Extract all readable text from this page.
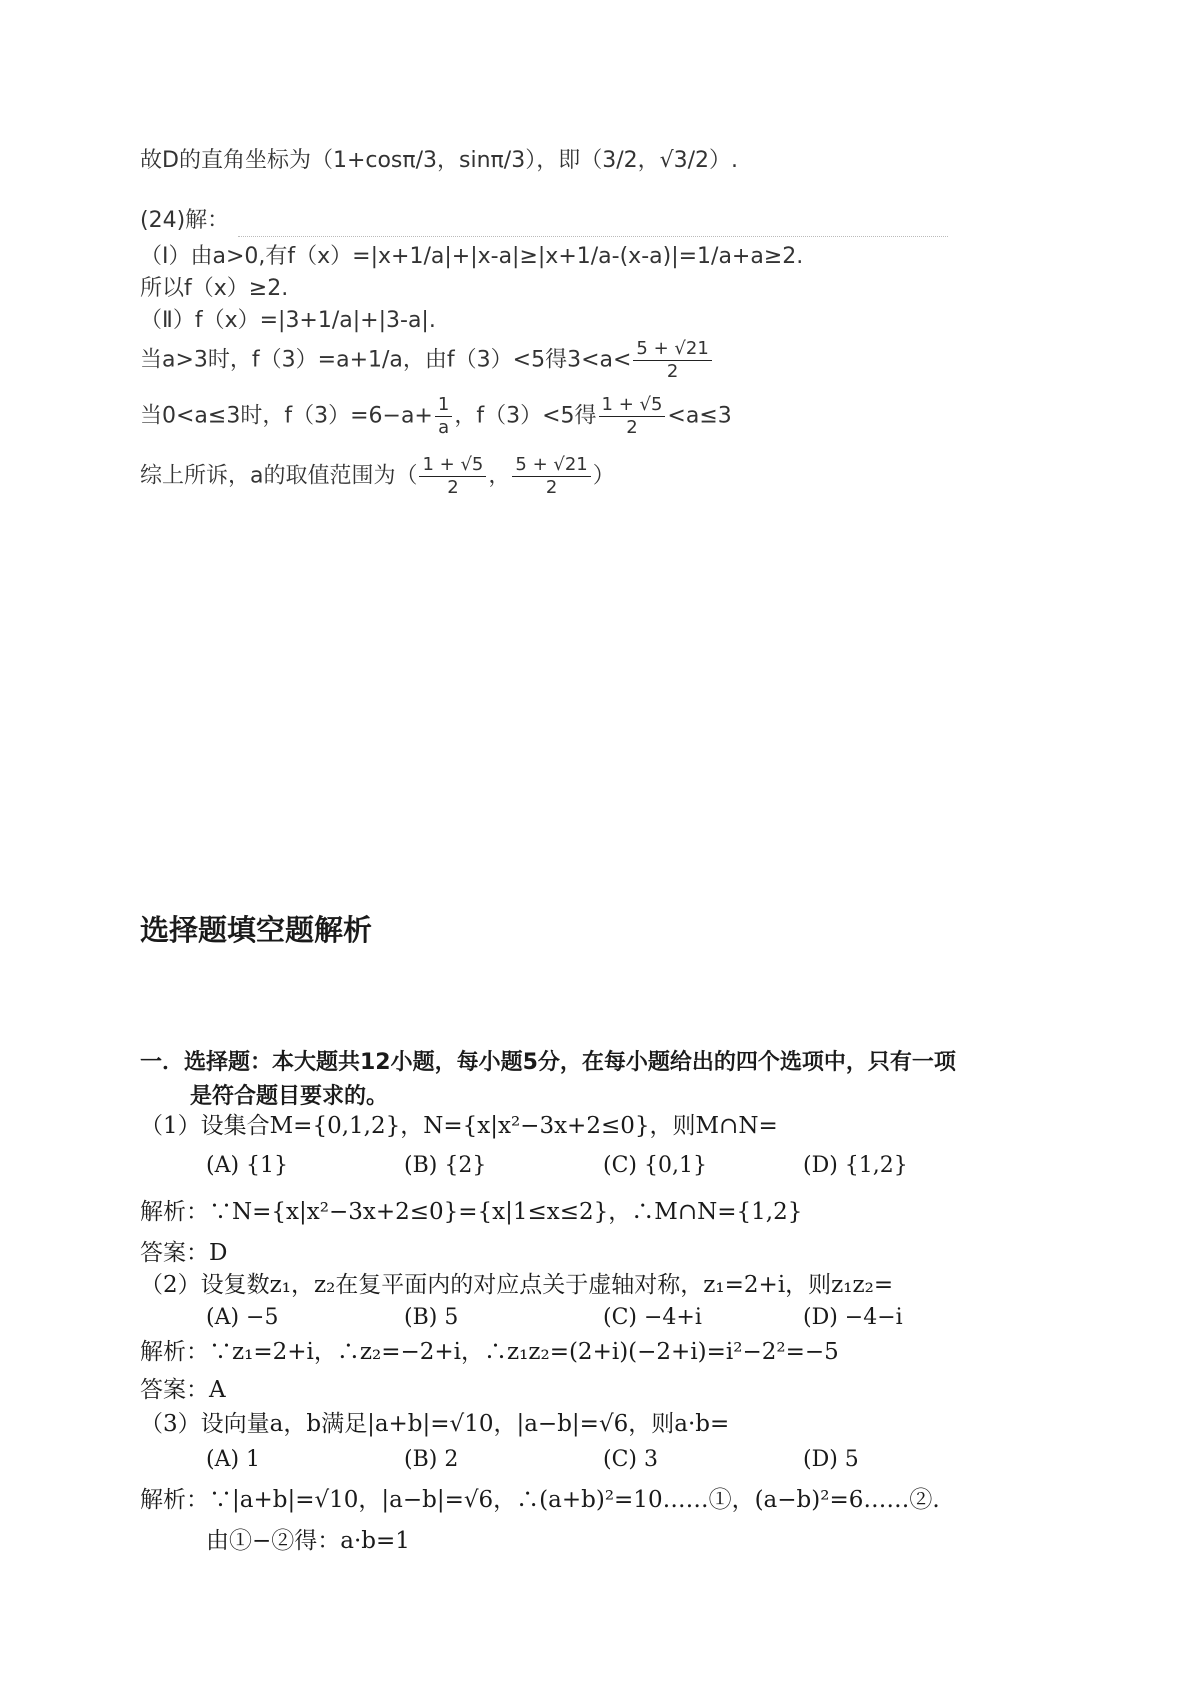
故D的直角坐标为（1+cosπ/3，sinπ/3），即（3/2，√3/2）.
(24)解：
（Ⅰ）由a>0,有f（x）=|x+1/a|+|x-a|≥|x+1/a-(x-a)|=1/a+a≥2.
所以f（x）≥2.
（Ⅱ）f（x）=|3+1/a|+|3-a|.
当a>3时，f（3）=a+1/a，由f（3）<5得$3<a< \frac{5 + √21}{2}$
当0<a≤3时，$f(3)=6-a+ \frac{1}{a}$ ，f（3）<5得 $\frac{1 + √5}{2} <a\le 3$
综上所诉，a的取值范围为（ $\frac{1 + √5}{2}$ ， $\frac{5 + √21}{2}$ ）
选择题填空题解析
一．选择题：本大题共12小题，每小题5分，在每小题给出的四个选项中，只有一项
是符合题目要求的。
（1）设集合M={0,1,2}，N={x|x²−3x+2≤0}，则M∩N=
(A) {1}	(B) {2}	(C) {0,1}	(D) {1,2}
解析：∵N={x|x²−3x+2≤0}={x|1≤x≤2}，∴M∩N={1,2}
答案：D
（2）设复数z₁，z₂在复平面内的对应点关于虚轴对称，z₁=2+i，则z₁z₂=
(A) −5	(B) 5	(C) −4+i	(D) −4−i
解析：∵z₁=2+i，∴z₂=−2+i，∴z₁z₂=(2+i)(−2+i)=i²−2²=−5
答案：A
（3）设向量a，b满足|a+b|=√10，|a−b|=√6，则a·b=
(A) 1	(B) 2	(C) 3	(D) 5
解析：∵|a+b|=√10，|a−b|=√6，∴(a+b)²=10……①，(a−b)²=6……②.
由①−②得：a·b=1
